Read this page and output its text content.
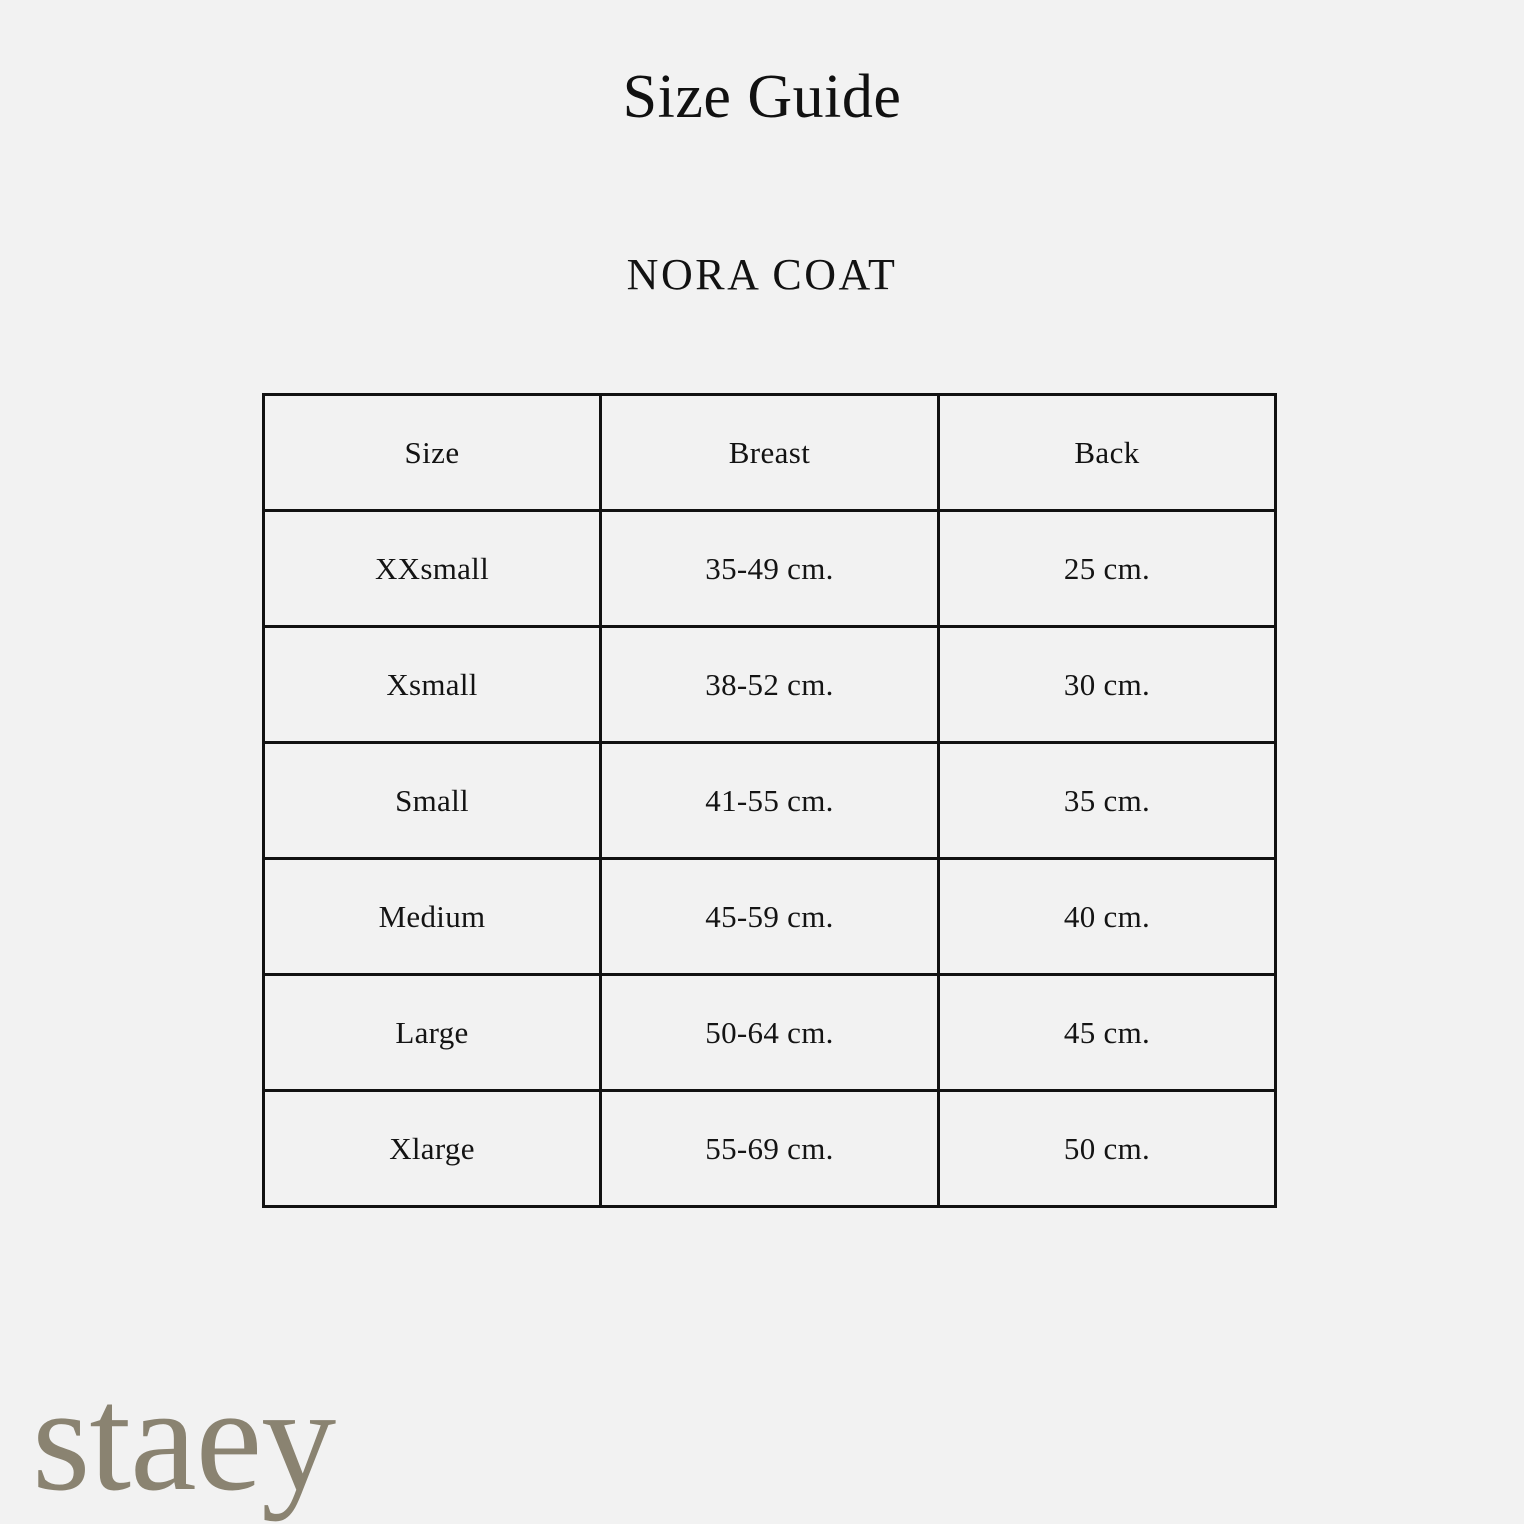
Size Guide
NORA COAT
Size	Breast	Back
XXsmall	35-49 cm.	25 cm.
Xsmall	38-52 cm.	30 cm.
Small	41-55 cm.	35 cm.
Medium	45-59 cm.	40 cm.
Large	50-64 cm.	45 cm.
Xlarge	55-69 cm.	50 cm.
staey
